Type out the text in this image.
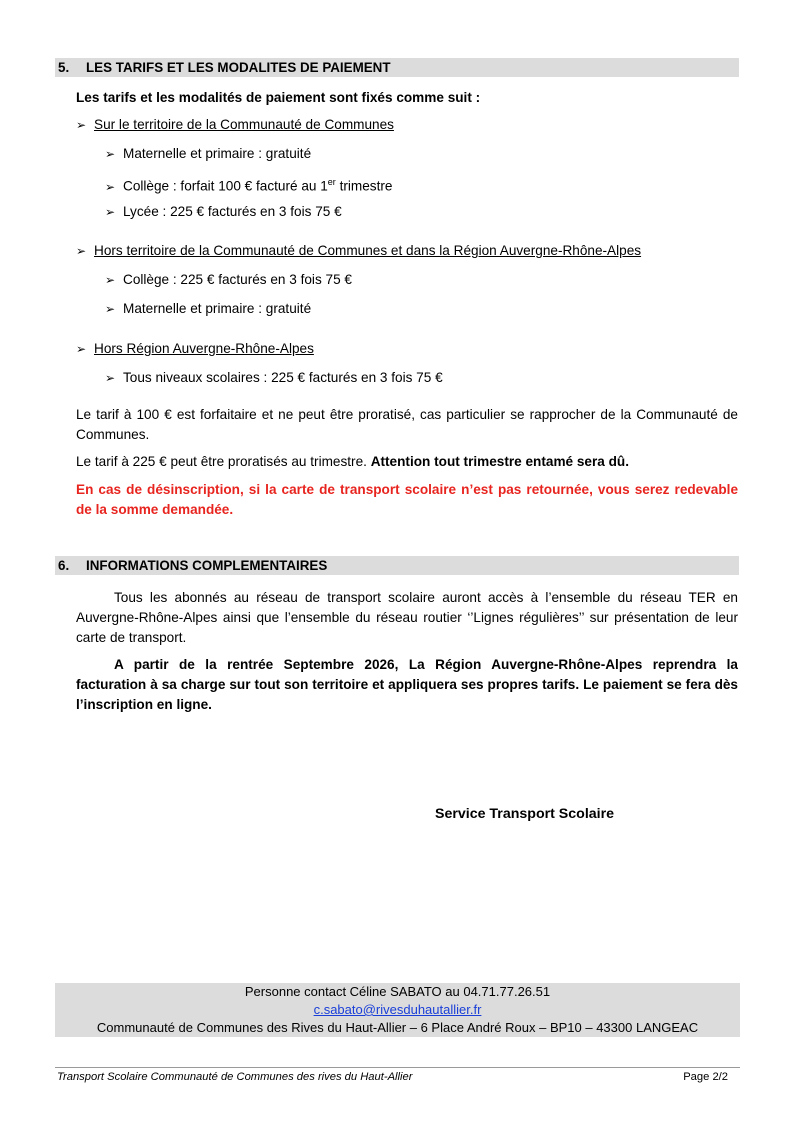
5. LES TARIFS ET LES MODALITES DE PAIEMENT
Les tarifs et les modalités de paiement sont fixés comme suit :
➢ Sur le territoire de la Communauté de Communes
➢ Maternelle et primaire : gratuité
➢ Collège : forfait 100 € facturé au 1er trimestre
➢ Lycée : 225 € facturés en 3 fois 75 €
➢ Hors territoire de la Communauté de Communes et dans la Région Auvergne-Rhône-Alpes
➢ Collège : 225 € facturés en 3 fois 75 €
➢ Maternelle et primaire : gratuité
➢ Hors Région Auvergne-Rhône-Alpes
➢ Tous niveaux scolaires : 225 € facturés en 3 fois 75 €
Le tarif à 100 € est forfaitaire et ne peut être proratisé, cas particulier se rapprocher de la Communauté de Communes.
Le tarif à 225 € peut être proratisés au trimestre. Attention tout trimestre entamé sera dû.
En cas de désinscription, si la carte de transport scolaire n’est pas retournée, vous serez redevable de la somme demandée.
6. INFORMATIONS COMPLEMENTAIRES
Tous les abonnés au réseau de transport scolaire auront accès à l’ensemble du réseau TER en Auvergne-Rhône-Alpes ainsi que l’ensemble du réseau routier ‘’Lignes régulières’’ sur présentation de leur carte de transport.
A partir de la rentrée Septembre 2026, La Région Auvergne-Rhône-Alpes reprendra la facturation à sa charge sur tout son territoire et appliquera ses propres tarifs. Le paiement se fera dès l’inscription en ligne.
Service Transport Scolaire
Personne contact Céline SABATO au 04.71.77.26.51
c.sabato@rivesduhautallier.fr
Communauté de Communes des Rives du Haut-Allier – 6 Place André Roux – BP10 – 43300 LANGEAC
Transport Scolaire Communauté de Communes des rives du Haut-Allier	Page 2/2
